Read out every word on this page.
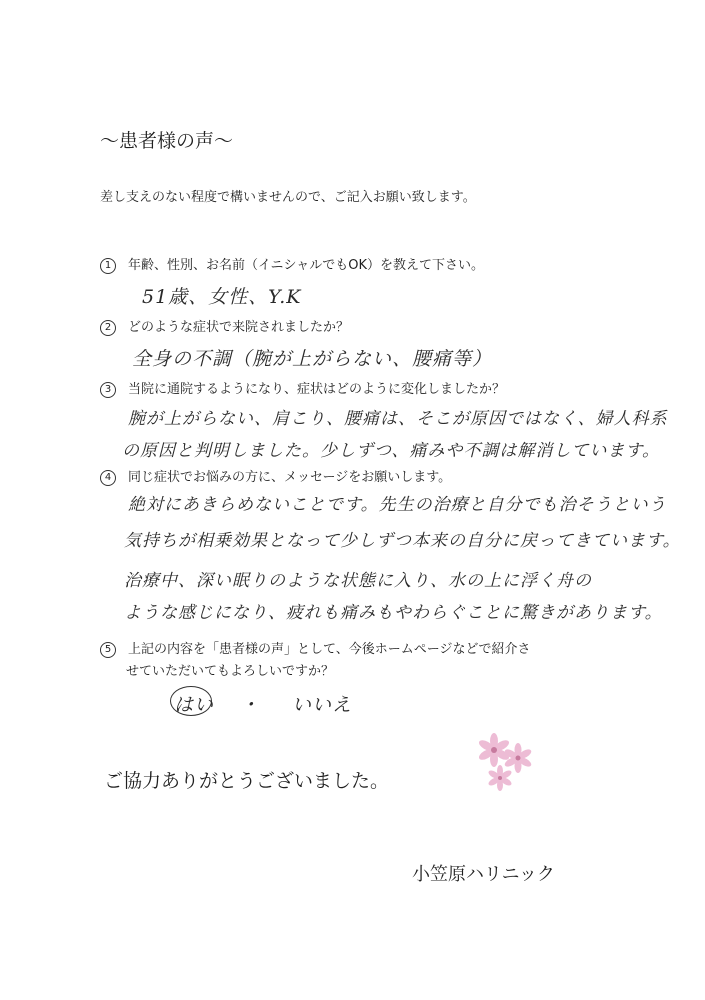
〜患者様の声〜
差し支えのない程度で構いませんので、ご記入お願い致します。
1 年齢、性別、お名前（イニシャルでもOK）を教えて下さい。
51歳、女性、Y.K
2 どのような症状で来院されましたか？
全身の不調（腕が上がらない、腰痛等）
3 当院に通院するようになり、症状はどのように変化しましたか？
腕が上がらない、肩こり、腰痛は、そこが原因ではなく、婦人科系
の原因と判明しました。少しずつ、痛みや不調は解消しています。
4 同じ症状でお悩みの方に、メッセージをお願いします。
絶対にあきらめないことです。先生の治療と自分でも治そうという
気持ちが相乗効果となって少しずつ本来の自分に戻ってきています。
治療中、深い眠りのような状態に入り、水の上に浮く舟の
ような感じになり、疲れも痛みもやわらぐことに驚きがあります。
5 上記の内容を「患者様の声」として、今後ホームページなどで紹介さ
せていただいてもよろしいですか？
はい ・ いいえ
ご協力ありがとうございました。
小笠原ハリニック
